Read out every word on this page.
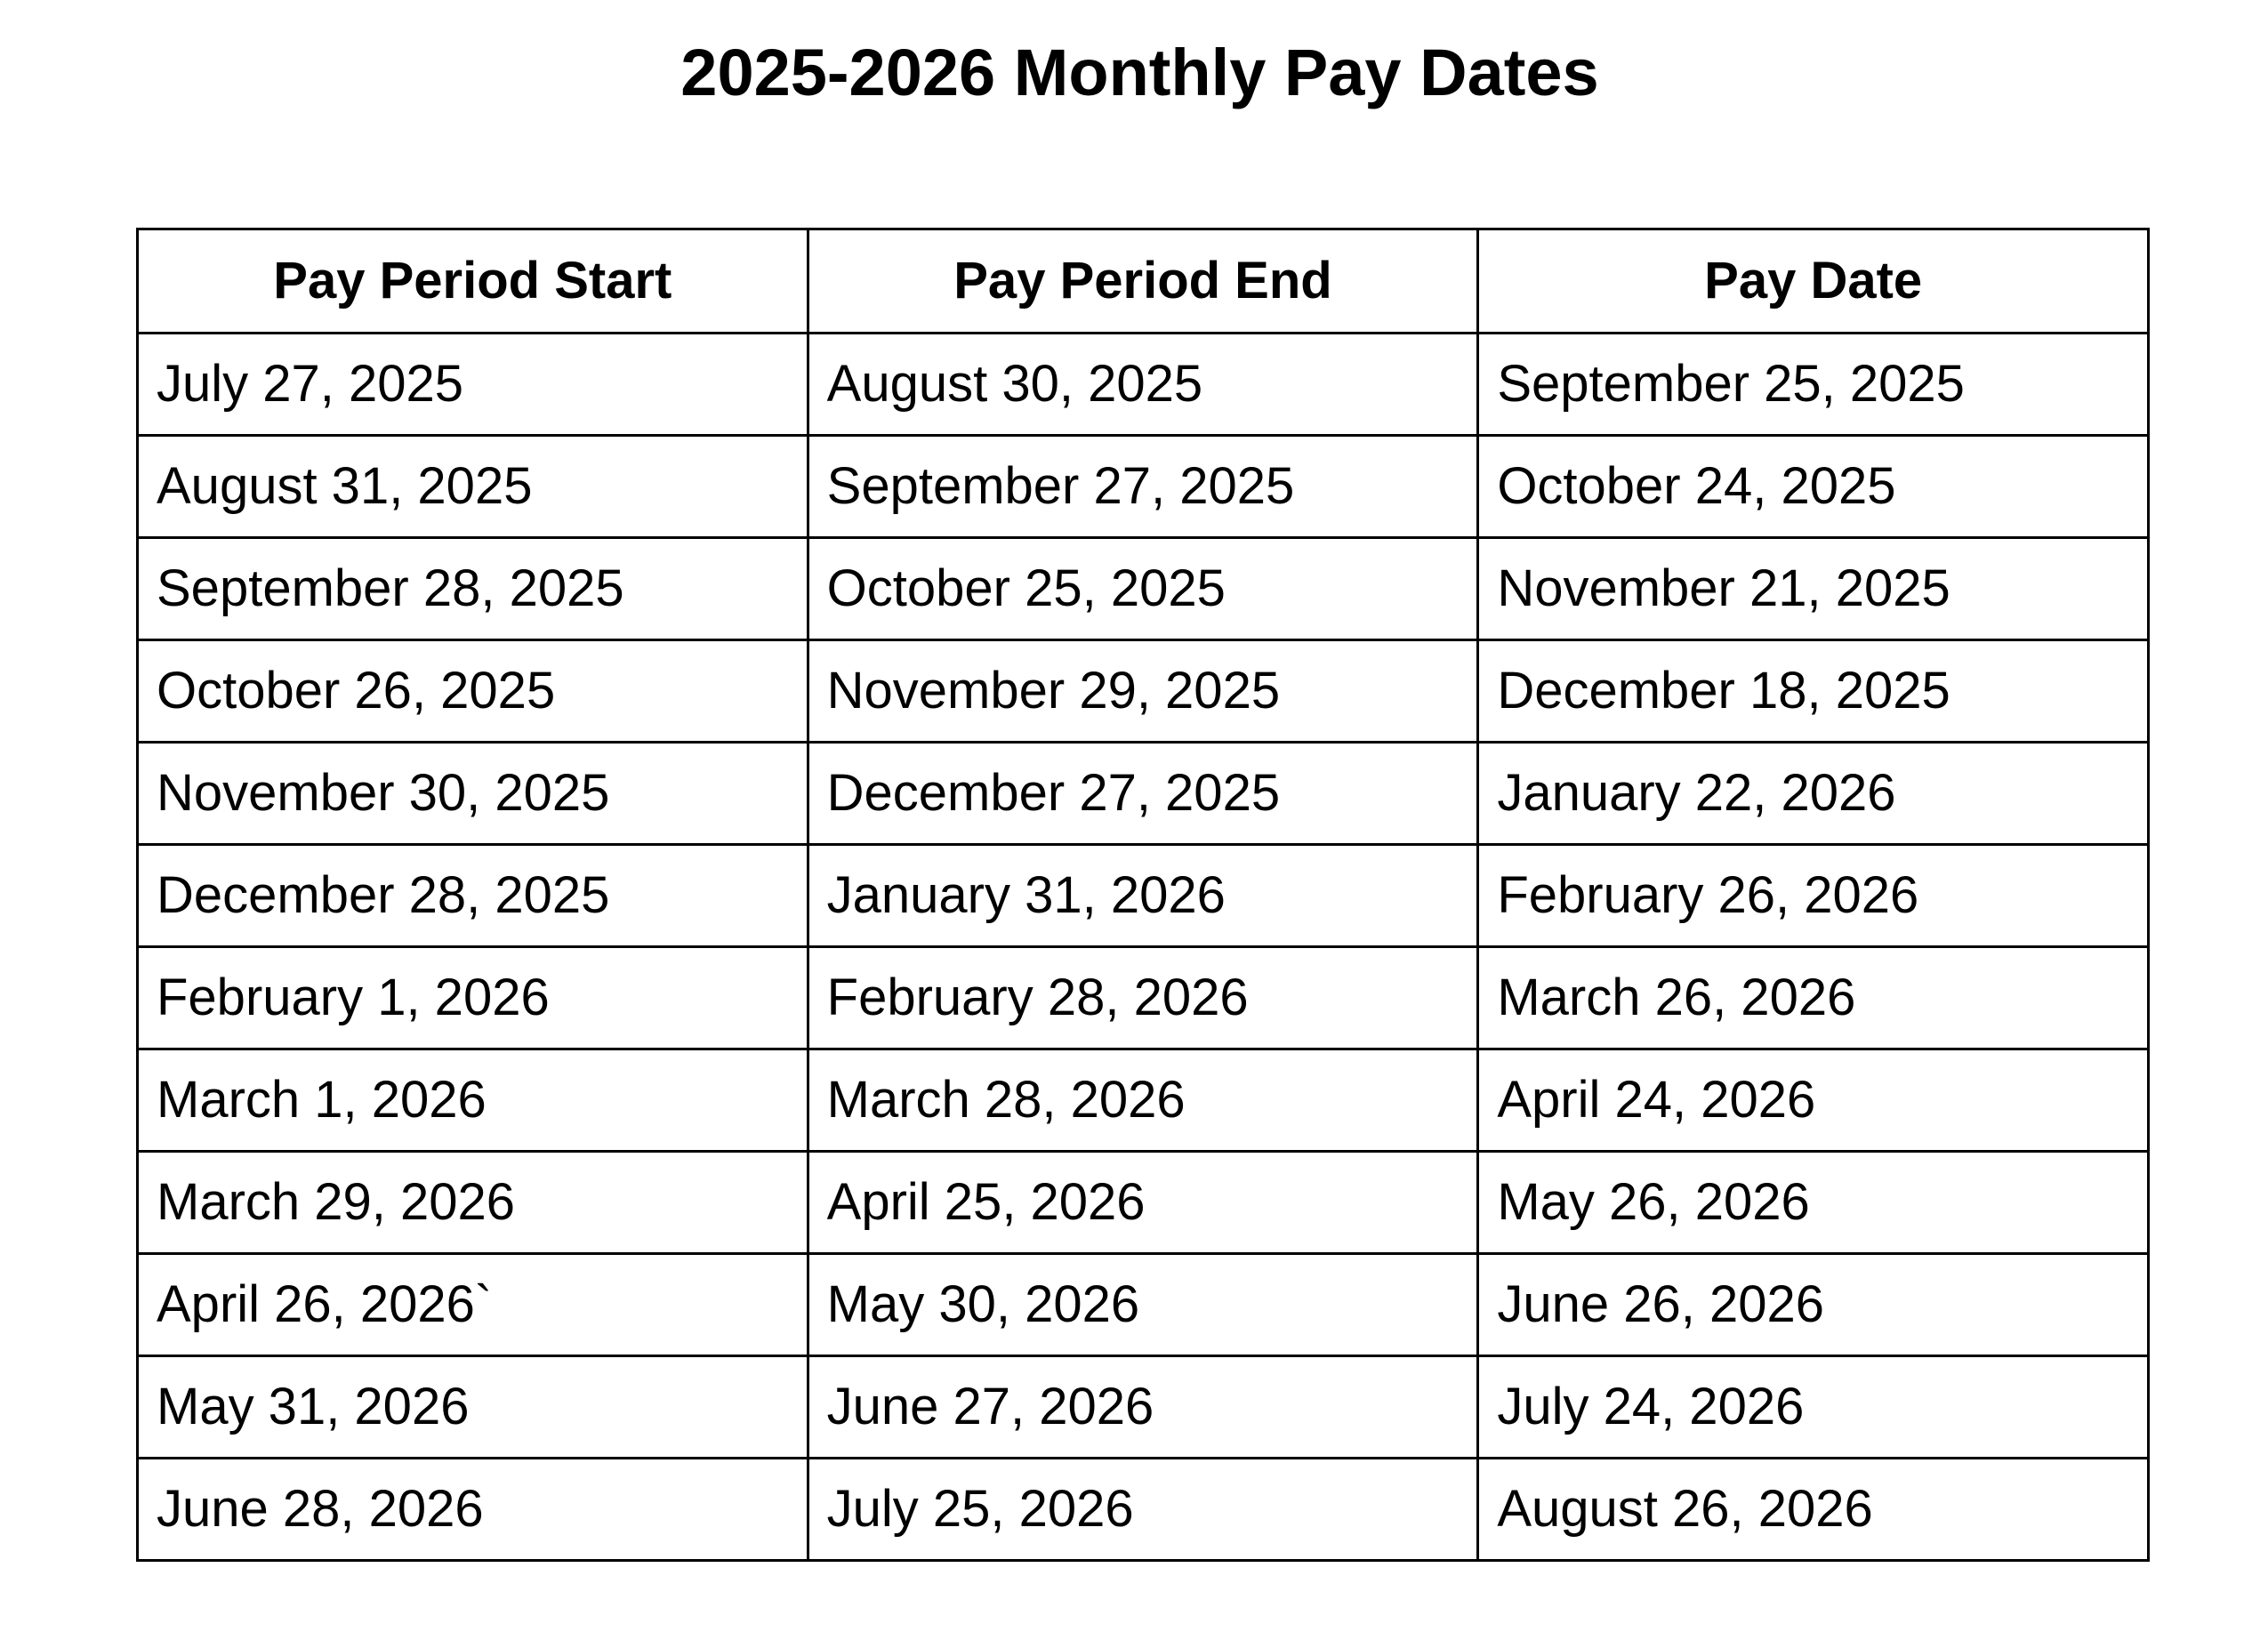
2025-2026 Monthly Pay Dates
Pay Period Start	Pay Period End	Pay Date
July 27, 2025	August 30, 2025	September 25, 2025
August 31, 2025	September 27, 2025	October 24, 2025
September 28, 2025	October 25, 2025	November 21, 2025
October 26, 2025	November 29, 2025	December 18, 2025
November 30, 2025	December 27, 2025	January 22, 2026
December 28, 2025	January 31, 2026	February 26, 2026
February 1, 2026	February 28, 2026	March 26, 2026
March 1, 2026	March 28, 2026	April 24, 2026
March 29, 2026	April 25, 2026	May 26, 2026
April 26, 2026`	May 30, 2026	June 26, 2026
May 31, 2026	June 27, 2026	July 24, 2026
June 28, 2026	July 25, 2026	August 26, 2026
